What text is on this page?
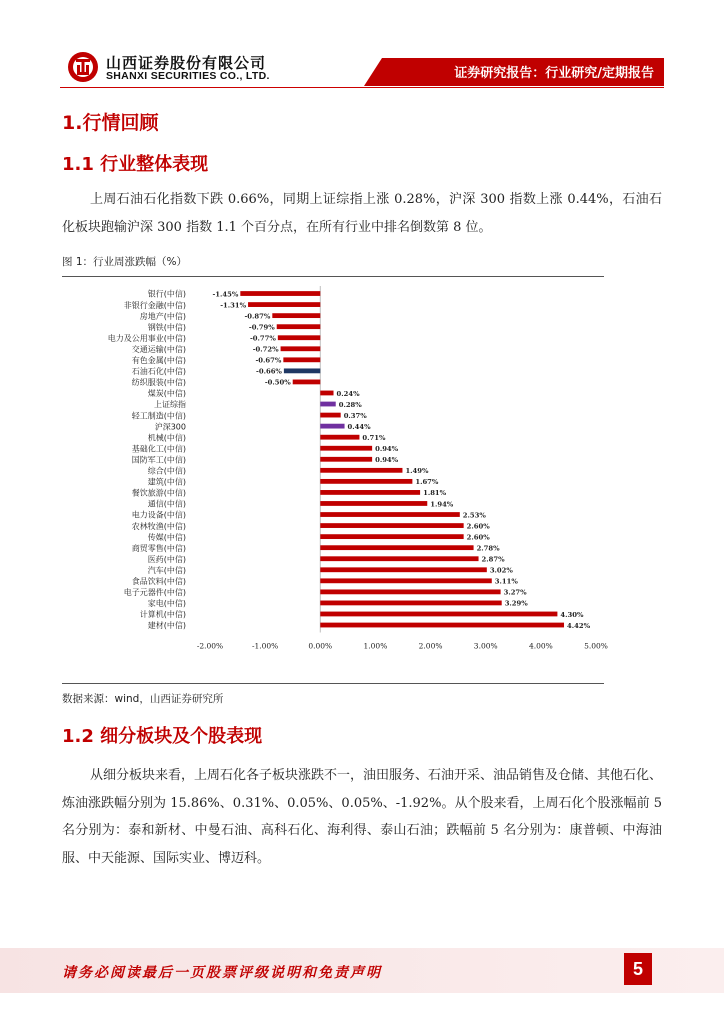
山西证券股份有限公司
SHANXI SECURITIES CO., LTD.	证券研究报告：行业研究/定期报告
1.行情回顾
1.1 行业整体表现

上周石油石化指数下跌 0.66%，同期上证综指上涨 0.28%，沪深 300 指数上涨 0.44%，石油石化板块跑输沪深 300 指数 1.1 个百分点，在所有行业中排名倒数第 8 位。

图 1：行业周涨跌幅（%）
银行(中信)	-1.45%
非银行金融(中信)	-1.31%
房地产(中信)	-0.87%
钢铁(中信)	-0.79%
电力及公用事业(中信)	-0.77%
交通运输(中信)	-0.72%
有色金属(中信)	-0.67%
石油石化(中信)	-0.66%
纺织服装(中信)	-0.50%
煤炭(中信)	0.24%
上证综指	0.28%
轻工制造(中信)	0.37%
沪深300	0.44%
机械(中信)	0.71%
基础化工(中信)	0.94%
国防军工(中信)	0.94%
综合(中信)	1.49%
建筑(中信)	1.67%
餐饮旅游(中信)	1.81%
通信(中信)	1.94%
电力设备(中信)	2.53%
农林牧渔(中信)	2.60%
传媒(中信)	2.60%
商贸零售(中信)	2.78%
医药(中信)	2.87%
汽车(中信)	3.02%
食品饮料(中信)	3.11%
电子元器件(中信)	3.27%
家电(中信)	3.29%
计算机(中信)	4.30%
建材(中信)	4.42%
-2.00%	-1.00%	0.00%	1.00%	2.00%	3.00%	4.00%	5.00%
数据来源：wind，山西证券研究所
1.2 细分板块及个股表现

从细分板块来看，上周石化各子板块涨跌不一，油田服务、石油开采、油品销售及仓储、其他石化、炼油涨跌幅分别为 15.86%、0.31%、0.05%、0.05%、-1.92%。从个股来看，上周石化个股涨幅前 5 名分别为：泰和新材、中曼石油、高科石化、海利得、泰山石油；跌幅前 5 名分别为：康普顿、中海油服、中天能源、国际实业、博迈科。

请务必阅读最后一页股票评级说明和免责声明	5
